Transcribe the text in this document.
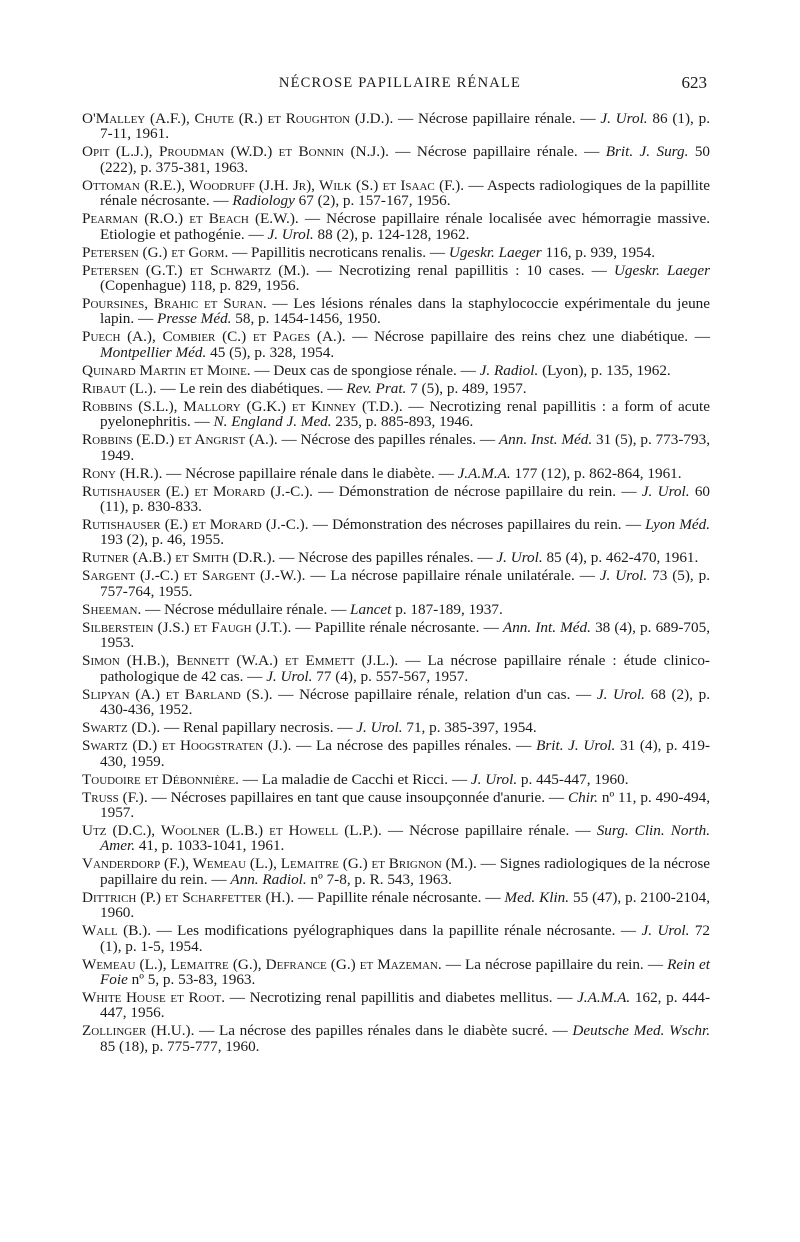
NÉCROSE PAPILLAIRE RÉNALE	623

O'Malley (A.F.), Chute (R.) et Roughton (J.D.). — Nécrose papillaire rénale. — J. Urol. 86 (1), p. 7-11, 1961.

Opit (L.J.), Proudman (W.D.) et Bonnin (N.J.). — Nécrose papillaire rénale. — Brit. J. Surg. 50 (222), p. 375-381, 1963.

Ottoman (R.E.), Woodruff (J.H. Jr), Wilk (S.) et Isaac (F.). — Aspects radiologiques de la papillite rénale nécrosante. — Radiology 67 (2), p. 157-167, 1956.

Pearman (R.O.) et Beach (E.W.). — Nécrose papillaire rénale localisée avec hémorragie massive. Etiologie et pathogénie. — J. Urol. 88 (2), p. 124-128, 1962.

Petersen (G.) et Gorm. — Papillitis necroticans renalis. — Ugeskr. Laeger 116, p. 939, 1954.

Petersen (G.T.) et Schwartz (M.). — Necrotizing renal papillitis : 10 cases. — Ugeskr. Laeger (Copenhague) 118, p. 829, 1956.

Poursines, Brahic et Suran. — Les lésions rénales dans la staphylococcie expérimentale du jeune lapin. — Presse Méd. 58, p. 1454-1456, 1950.

Puech (A.), Combier (C.) et Pages (A.). — Nécrose papillaire des reins chez une diabétique. — Montpellier Méd. 45 (5), p. 328, 1954.

Quinard Martin et Moine. — Deux cas de spongiose rénale. — J. Radiol. (Lyon), p. 135, 1962.

Ribaut (L.). — Le rein des diabétiques. — Rev. Prat. 7 (5), p. 489, 1957.

Robbins (S.L.), Mallory (G.K.) et Kinney (T.D.). — Necrotizing renal papillitis : a form of acute pyelonephritis. — N. England J. Med. 235, p. 885-893, 1946.

Robbins (E.D.) et Angrist (A.). — Nécrose des papilles rénales. — Ann. Inst. Méd. 31 (5), p. 773-793, 1949.

Rony (H.R.). — Nécrose papillaire rénale dans le diabète. — J.A.M.A. 177 (12), p. 862-864, 1961.

Rutishauser (E.) et Morard (J.-C.). — Démonstration de nécrose papillaire du rein. — J. Urol. 60 (11), p. 830-833.

Rutishauser (E.) et Morard (J.-C.). — Démonstration des nécroses papillaires du rein. — Lyon Méd. 193 (2), p. 46, 1955.

Rutner (A.B.) et Smith (D.R.). — Nécrose des papilles rénales. — J. Urol. 85 (4), p. 462-470, 1961.

Sargent (J.-C.) et Sargent (J.-W.). — La nécrose papillaire rénale unilatérale. — J. Urol. 73 (5), p. 757-764, 1955.

Sheeman. — Nécrose médullaire rénale. — Lancet p. 187-189, 1937.

Silberstein (J.S.) et Faugh (J.T.). — Papillite rénale nécrosante. — Ann. Int. Méd. 38 (4), p. 689-705, 1953.

Simon (H.B.), Bennett (W.A.) et Emmett (J.L.). — La nécrose papillaire rénale : étude clinico-pathologique de 42 cas. — J. Urol. 77 (4), p. 557-567, 1957.

Slipyan (A.) et Barland (S.). — Nécrose papillaire rénale, relation d'un cas. — J. Urol. 68 (2), p. 430-436, 1952.

Swartz (D.). — Renal papillary necrosis. — J. Urol. 71, p. 385-397, 1954.

Swartz (D.) et Hoogstraten (J.). — La nécrose des papilles rénales. — Brit. J. Urol. 31 (4), p. 419-430, 1959.

Toudoire et Débonnière. — La maladie de Cacchi et Ricci. — J. Urol. p. 445-447, 1960.

Truss (F.). — Nécroses papillaires en tant que cause insoupçonnée d'anurie. — Chir. nº 11, p. 490-494, 1957.

Utz (D.C.), Woolner (L.B.) et Howell (L.P.). — Nécrose papillaire rénale. — Surg. Clin. North. Amer. 41, p. 1033-1041, 1961.

Vanderdorp (F.), Wemeau (L.), Lemaitre (G.) et Brignon (M.). — Signes radiologiques de la nécrose papillaire du rein. — Ann. Radiol. nº 7-8, p. R. 543, 1963.

Dittrich (P.) et Scharfetter (H.). — Papillite rénale nécrosante. — Med. Klin. 55 (47), p. 2100-2104, 1960.

Wall (B.). — Les modifications pyélographiques dans la papillite rénale nécrosante. — J. Urol. 72 (1), p. 1-5, 1954.

Wemeau (L.), Lemaitre (G.), Defrance (G.) et Mazeman. — La nécrose papillaire du rein. — Rein et Foie nº 5, p. 53-83, 1963.

White House et Root. — Necrotizing renal papillitis and diabetes mellitus. — J.A.M.A. 162, p. 444-447, 1956.

Zollinger (H.U.). — La nécrose des papilles rénales dans le diabète sucré. — Deutsche Med. Wschr. 85 (18), p. 775-777, 1960.
